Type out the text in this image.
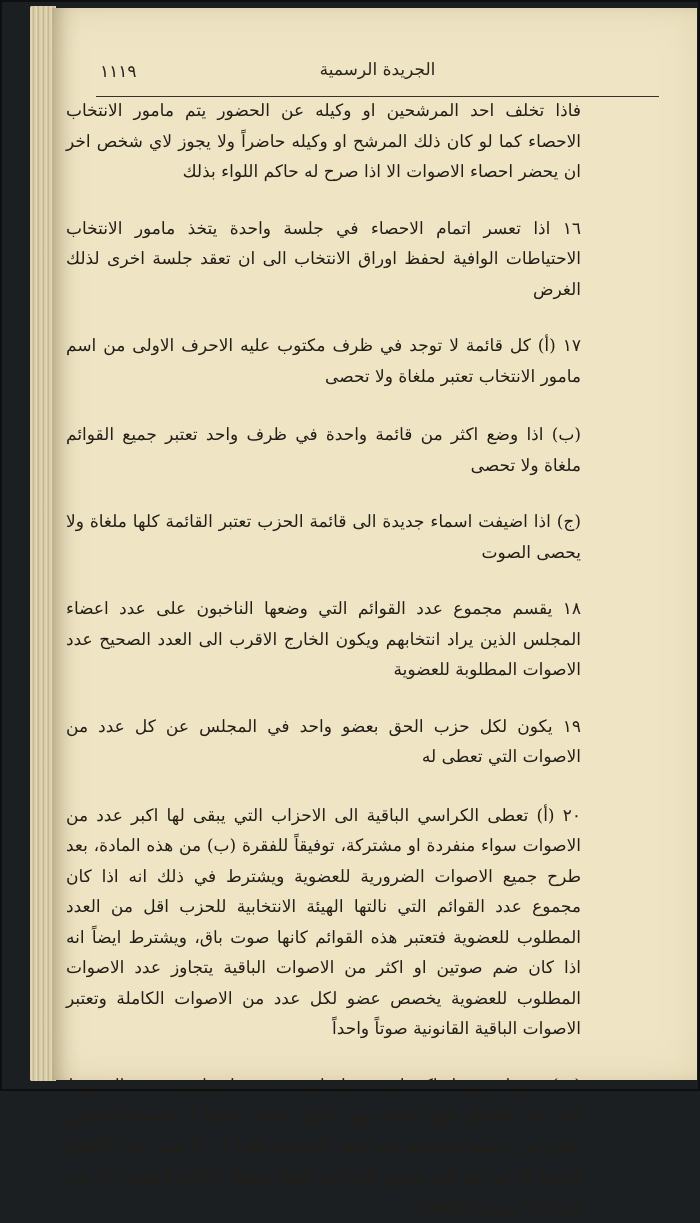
١١١٩	الجريدة الرسمية

فاذا تخلف احد المرشحين او وكيله عن الحضور يتم مامور الانتخاب الاحصاء كما لو كان ذلك المرشح او وكيله حاضراً ولا يجوز لاي شخص اخر ان يحضر احصاء الاصوات الا اذا صرح له حاكم اللواء بذلك

١٦ اذا تعسر اتمام الاحصاء في جلسة واحدة يتخذ مامور الانتخاب الاحتياطات الوافية لحفظ اوراق الانتخاب الى ان تعقد جلسة اخرى لذلك الغرض

١٧ (أ) كل قائمة لا توجد في ظرف مكتوب عليه الاحرف الاولى من اسم مامور الانتخاب تعتبر ملغاة ولا تحصى

(ب) اذا وضع اكثر من قائمة واحدة في ظرف واحد تعتبر جميع القوائم ملغاة ولا تحصى

(ج) اذا اضيفت اسماء جديدة الى قائمة الحزب تعتبر القائمة كلها ملغاة ولا يحصى الصوت

١٨ يقسم مجموع عدد القوائم التي وضعها الناخبون على عدد اعضاء المجلس الذين يراد انتخابهم ويكون الخارج الاقرب الى العدد الصحيح عدد الاصوات المطلوبة للعضوية

١٩ يكون لكل حزب الحق بعضو واحد في المجلس عن كل عدد من الاصوات التي تعطى له

٢٠ (أ) تعطى الكراسي الباقية الى الاحزاب التي يبقى لها اكبر عدد من الاصوات سواء منفردة او مشتركة، توفيقاً للفقرة (ب) من هذه المادة، بعد طرح جميع الاصوات الضرورية للعضوية ويشترط في ذلك انه اذا كان مجموع عدد القوائم التي نالتها الهيئة الانتخابية للحزب اقل من العدد المطلوب للعضوية فتعتبر هذه القوائم كانها صوت باق، ويشترط ايضاً انه اذا كان ضم صوتين او اكثر من الاصوات الباقية يتجاوز عدد الاصوات المطلوب للعضوية يخصص عضو لكل عدد من الاصوات الكاملة وتعتبر الاصوات الباقية القانونية صوتاً واحداً

(ب) يحق لحزبين او اكثر ان يتفقوا على ضم بقية اصواتهم حسب الشروط التي يتم الاتفاق عليها فيما بينهم لاجل انتخاب عضو او اعضاء اضافيين يكون من حقهم انتخابهم بعد ضم الاصوات على ان لا يعتبر هذا الاتفاق قانونياً ما لم يبلغ الى مامور الانتخاب خطياً توفيقاً لاحكام الفقرة (ج) من المادة ٦ من هذا النظام
